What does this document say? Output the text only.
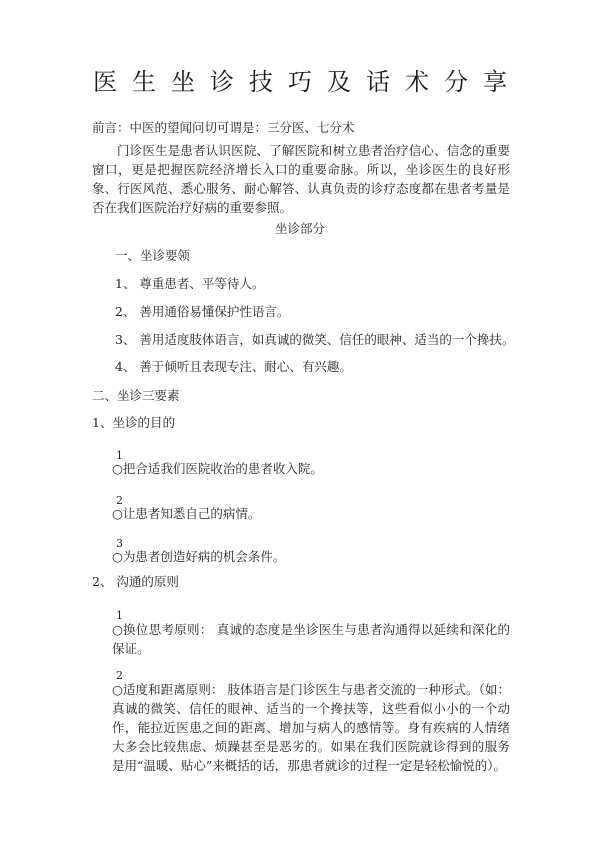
医生坐诊技巧及话术分享
前言：中医的望闻问切可谓是：三分医、七分术
门诊医生是患者认识医院、了解医院和树立患者治疗信心、信念的重要窗口，更是把握医院经济增长入口的重要命脉。所以，坐诊医生的良好形象、行医风范、悉心服务、耐心解答、认真负责的诊疗态度都在患者考量是否在我们医院治疗好病的重要参照。
坐诊部分
一、坐诊要领
1、 尊重患者、平等待人。
2、 善用通俗易懂保护性语言。
3、 善用适度肢体语言，如真诚的微笑、信任的眼神、适当的一个搀扶。
4、 善于倾听且表现专注、耐心、有兴趣。
二、坐诊三要素
1、坐诊的目的
1
○把合适我们医院收治的患者收入院。
2
○让患者知悉自己的病情。
3
○为患者创造好病的机会条件。
2、 沟通的原则
1
○换位思考原则： 真诚的态度是坐诊医生与患者沟通得以延续和深化的保证。
2
○适度和距离原则： 肢体语言是门诊医生与患者交流的一种形式。（如：真诚的微笑、信任的眼神、适当的一个搀扶等，这些看似小小的一个动作，能拉近医患之间的距离、增加与病人的感情等。身有疾病的人情绪大多会比较焦虑、烦躁甚至是恶劣的。如果在我们医院就诊得到的服务是用“温暖、贴心”来概括的话，那患者就诊的过程一定是轻松愉悦的）。
